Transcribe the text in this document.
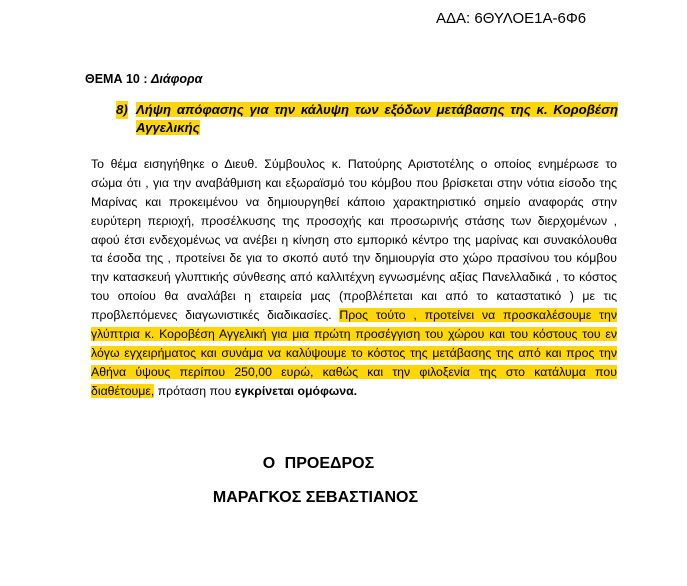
ΑΔΑ: 6ΘΥΛΟΕ1Α-6Φ6
ΘΕΜΑ 10 : Διάφορα
8) Λήψη απόφασης για την κάλυψη των εξόδων μετάβασης της κ. Κοροβέση Αγγελικής
Το θέμα εισηγήθηκε ο Διευθ. Σύμβουλος κ. Πατούρης Αριστοτέλης ο οποίος ενημέρωσε το
σώμα ότι , για την αναβάθμιση και εξωραϊσμό του κόμβου που βρίσκεται στην νότια είσοδο της
Μαρίνας και προκειμένου να δημιουργηθεί κάποιο χαρακτηριστικό σημείο αναφοράς στην
ευρύτερη περιοχή, προσέλκυσης της προσοχής και προσωρινής στάσης των διερχομένων ,
αφού έτσι ενδεχομένως να ανέβει η κίνηση στο εμπορικό κέντρο της μαρίνας και συνακόλουθα
τα έσοδα της , προτείνει δε για το σκοπό αυτό την δημιουργία στο χώρο πρασίνου του κόμβου
την κατασκευή γλυπτικής σύνθεσης από καλλιτέχνη εγνωσμένης αξίας Πανελλαδικά , το κόστος
του οποίου θα αναλάβει η εταιρεία μας (προβλέπεται και από το καταστατικό ) με τις
προβλεπόμενες διαγωνιστικές διαδικασίες. Προς τούτο , προτείνει να προσκαλέσουμε την
γλύπτρια κ. Κοροβέση Αγγελική για μια πρώτη προσέγγιση του χώρου και του κόστους του εν
λόγω εγχειρήματος και συνάμα να καλύψουμε το κόστος της μετάβασης της από και προς την
Αθήνα ύψους περίπου 250,00 ευρώ, καθώς και την φιλοξενία της στο κατάλυμα που
διαθέτουμε, πρόταση που εγκρίνεται ομόφωνα.
Ο ΠΡΟΕΔΡΟΣ
ΜΑΡΑΓΚΟΣ ΣΕΒΑΣΤΙΑΝΟΣ
